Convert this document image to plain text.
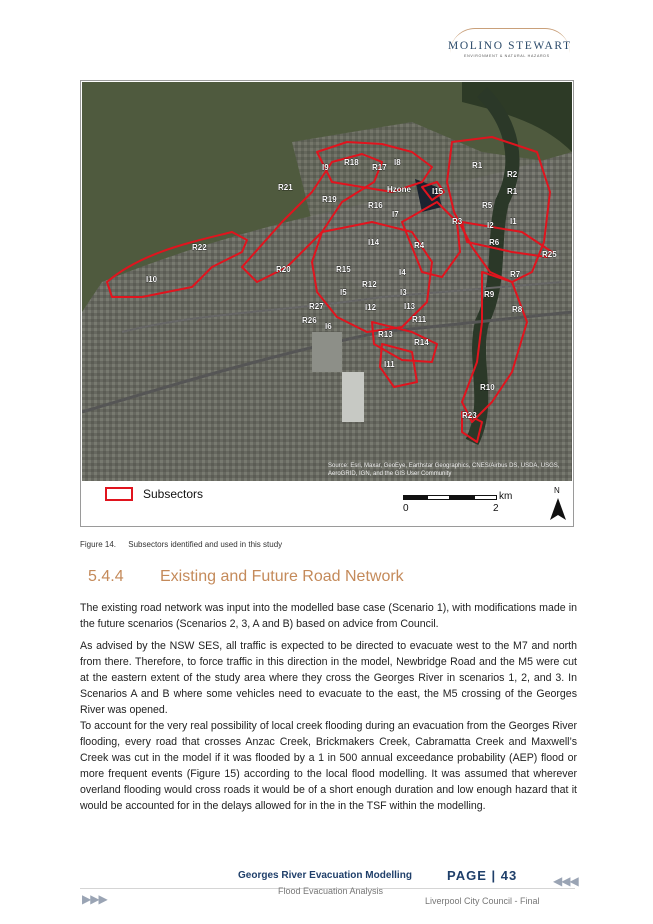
MOLINO STEWART
ENVIRONMENT & NATURAL HAZARDS
I9
R18
R17
I8	R1
R2
R1
I15
Hzone
R21
R19
R16
I7
R5
I2 I1
R3
I14	R4	R6
R25
R22
I10
R20	R15	I4
R12
R7
I5	I3	R9
R27	I12	I13	R8
R26
I6
R11
R13
R14
I11
R10
R23
Source: Esri, Maxar, GeoEye, Earthstar Geographics, CNES/Airbus DS, USDA, USGS, AeroGRID, IGN, and the GIS User Community
Subsectors	km
0	2
N
Figure 14. Subsectors identified and used in this study
5.4.4 Existing and Future Road Network

The existing road network was input into the modelled base case (Scenario 1), with modifications made in the future scenarios (Scenarios 2, 3, A and B) based on advice from Council.

As advised by the NSW SES, all traffic is expected to be directed to evacuate west to the M7 and north from there. Therefore, to force traffic in this direction in the model, Newbridge Road and the M5 were cut at the eastern extent of the study area where they cross the Georges River in scenarios 1, 2, and 3. In Scenarios A and B where some vehicles need to evacuate to the east, the M5 crossing of the Georges River was opened.

To account for the very real possibility of local creek flooding during an evacuation from the Georges River flooding, every road that crosses Anzac Creek, Brickmakers Creek, Cabramatta Creek and Maxwell’s Creek was cut in the model if it was flooded by a 1 in 500 annual exceedance probability (AEP) flood or more frequent events (Figure 15) according to the local flood modelling. It was assumed that wherever overland flooding would cross roads it would be of a short enough duration and low enough hazard that it would be accounted for in the delays allowed for in the in the TSF within the modelling.

Georges River Evacuation Modelling	PAGE | 43
Flood Evacuation Analysis
Liverpool City Council - Final
▶▶▶
◀◀◀
